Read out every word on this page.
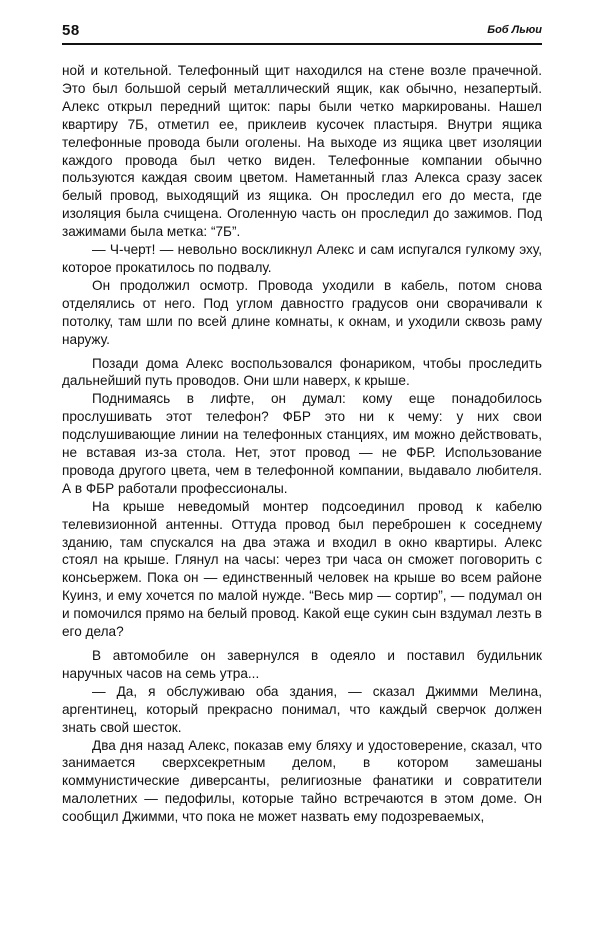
58	Боб Льюи

ной и котельной. Телефонный щит находился на стене возле прачечной. Это был большой серый металлический ящик, как обычно, незапертый. Алекс открыл передний щиток: пары были четко маркированы. Нашел квартиру 7Б, отметил ее, приклеив кусочек пластыря. Внутри ящика телефонные провода были оголены. На выходе из ящика цвет изоляции каждого провода был четко виден. Телефонные компании обычно пользуются каждая своим цветом. Наметанный глаз Алекса сразу засек белый провод, выходящий из ящика. Он проследил его до места, где изоляция была счищена. Оголенную часть он проследил до зажимов. Под зажимами была метка: “7Б”.

— Ч-черт! — невольно воскликнул Алекс и сам испугался гулкому эху, которое прокатилось по подвалу.

Он продолжил осмотр. Провода уходили в кабель, потом снова отделялись от него. Под углом давностго градусов они сворачивали к потолку, там шли по всей длине комнаты, к окнам, и уходили сквозь раму наружу.

Позади дома Алекс воспользовался фонариком, чтобы проследить дальнейший путь проводов. Они шли наверх, к крыше.

Поднимаясь в лифте, он думал: кому еще понадобилось прослушивать этот телефон? ФБР это ни к чему: у них свои подслушивающие линии на телефонных станциях, им можно действовать, не вставая из-за стола. Нет, этот провод — не ФБР. Использование провода другого цвета, чем в телефонной компании, выдавало любителя. А в ФБР работали профессионалы.

На крыше неведомый монтер подсоединил провод к кабелю телевизионной антенны. Оттуда провод был переброшен к соседнему зданию, там спускался на два этажа и входил в окно квартиры. Алекс стоял на крыше. Глянул на часы: через три часа он сможет поговорить с консьержем. Пока он — единственный человек на крыше во всем районе Куинз, и ему хочется по малой нужде. “Весь мир — сортир”, — подумал он и помочился прямо на белый провод. Какой еще сукин сын вздумал лезть в его дела?

В автомобиле он завернулся в одеяло и поставил будильник наручных часов на семь утра...

— Да, я обслуживаю оба здания, — сказал Джимми Мелина, аргентинец, который прекрасно понимал, что каждый сверчок должен знать свой шесток.

Два дня назад Алекс, показав ему бляху и удостоверение, сказал, что занимается сверхсекретным делом, в котором замешаны коммунистические диверсанты, религиозные фанатики и совратители малолетних — педофилы, которые тайно встречаются в этом доме. Он сообщил Джимми, что пока не может назвать ему подозреваемых,
